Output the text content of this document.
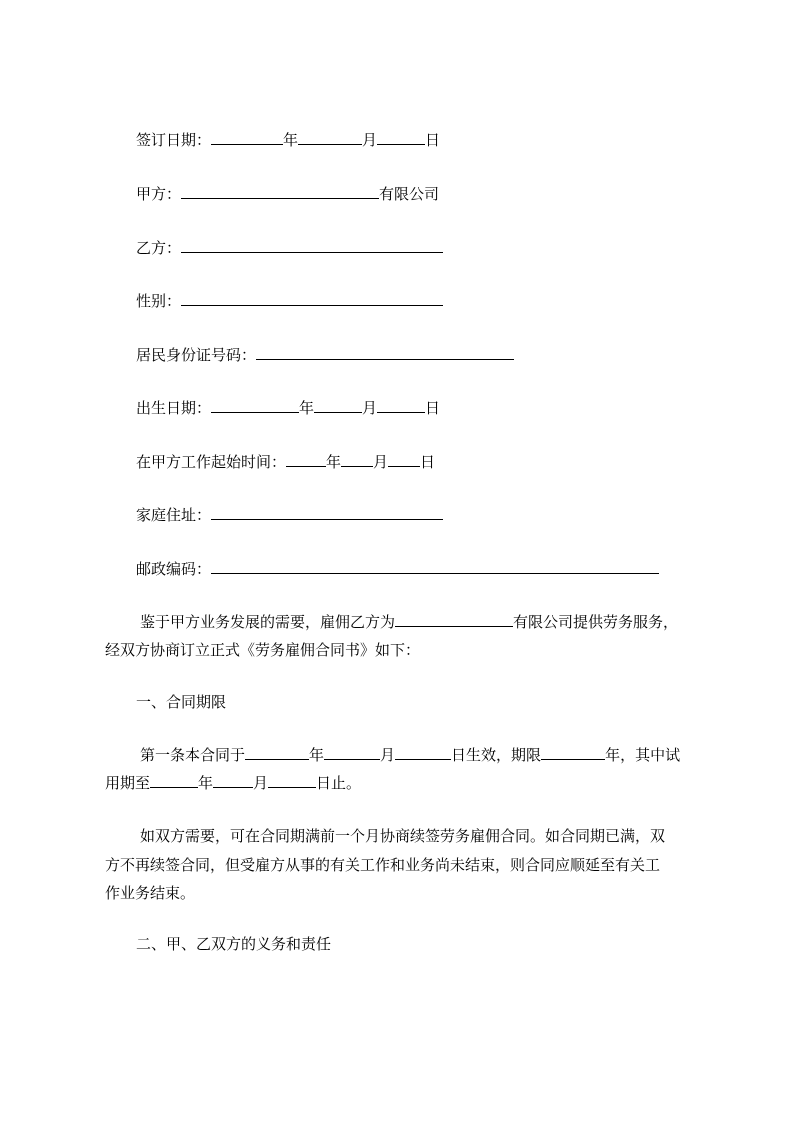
签订日期：	年	月	日
甲方：	有限公司
乙方：
性别：
居民身份证号码：
出生日期：	年	月	日
在甲方工作起始时间：	年 月 日
家庭住址：
邮政编码：
鉴于甲方业务发展的需要，雇佣乙方为	有限公司提供劳务服务，
经双方协商订立正式《劳务雇佣合同书》如下：
一、合同期限
第一条本合同于	年	月	日生效，期限	年，其中试
用期至	年	月	日止。
如双方需要，可在合同期满前一个月协商续签劳务雇佣合同。如合同期已满，双
方不再续签合同，但受雇方从事的有关工作和业务尚未结束，则合同应顺延至有关工
作业务结束。
二、甲、乙双方的义务和责任
